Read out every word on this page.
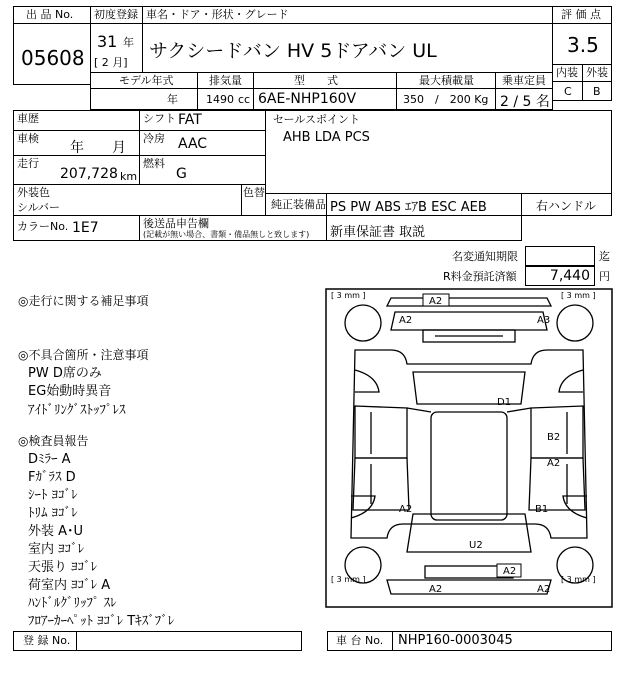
出 品 No.
05608
初度登録
31 年
[ 2 月]
車名・ドア・形状・グレード
サクシードバン HV 5ドアバン UL
評 価 点
3.5
内装 外装
C B
モデル年式
年
排気量
1490 cc
型　　式
6AE-NHP160V
最大積載量
350　/　200 Kg
乗車定員
2 / 5 名
車歴	シフト FAT
車検
年　　月
冷房 AAC
走行
207,728 km
燃料
G
外装色
シルバー
色替
カラーNo. 1E7	後送品申告欄
(記載が無い場合、書類・備品無しと致します)
セールスポイント
AHB LDA PCS
純正装備品 PS PW ABS ｴｱB ESC AEB	右ハンドル
新車保証書 取説
名変通知期限	迄
R料金預託済額 7,440 円
◎走行に関する補足事項
◎不具合箇所・注意事項
PW D席のみ
EG始動時異音
ｱｲﾄﾞﾘﾝｸﾞｽﾄｯﾌﾟﾚｽ
◎検査員報告
Dﾐﾗｰ A
Fｶﾞﾗｽ D
ｼｰﾄ ﾖｺﾞﾚ
ﾄﾘﾑ ﾖｺﾞﾚ
外装 A･U
室内 ﾖｺﾞﾚ
天張り ﾖｺﾞﾚ
荷室内 ﾖｺﾞﾚ A
ﾊﾝﾄﾞﾙｸﾞﾘｯﾌﾟ ｽﾚ
ﾌﾛｱｰｶｰﾍﾟｯﾄ ﾖｺﾞﾚ Tｷｽﾞﾌﾞﾚ
[ 3 mm ]	[ 3 mm ]
[ 3 mm ]	[ 3 mm ]
A2
A2	A3
D1
B2
A2
A2	B1
U2
A2
A2	A2
登 録 No.	車 台 No. NHP160-0003045
